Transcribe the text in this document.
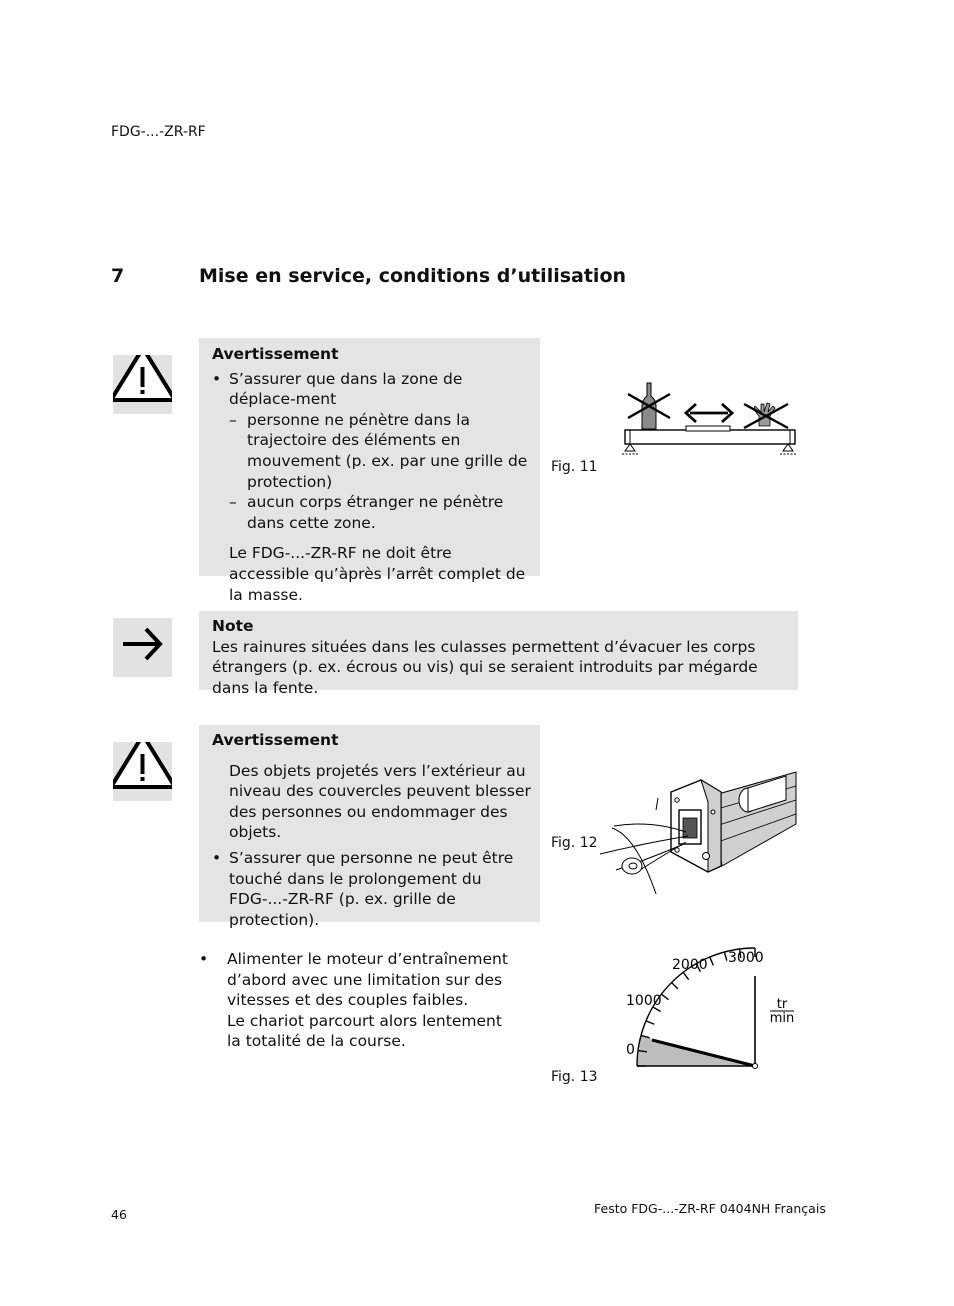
FDG-...-ZR-RF
7	Mise en service, conditions d’utilisation
Avertissement
• S’assurer que dans la zone de déplace-ment
– personne ne pénètre dans la trajectoire des éléments en mouvement (p. ex. par une grille de protection)
– aucun corps étranger ne pénètre dans cette zone.
Le FDG-...-ZR-RF ne doit être accessible qu’àprès l’arrêt complet de la masse.
Fig. 11
Note
Les rainures situées dans les culasses permettent d’évacuer les corps étrangers (p. ex. écrous ou vis) qui se seraient introduits par mégarde dans la fente.
Avertissement
Des objets projetés vers l’extérieur au niveau des couvercles peuvent blesser des personnes ou endommager des objets.
• S’assurer que personne ne peut être touché dans le prolongement du FDG-...-ZR-RF (p. ex. grille de protection).
Fig. 12
• Alimenter le moteur d’entraînement d’abord avec une limitation sur des vitesses et des couples faibles.
Le chariot parcourt alors lentement la totalité de la course.	0
1000
2000 3000
tr
min
Fig. 13
46	Festo FDG-...-ZR-RF 0404NH Français
